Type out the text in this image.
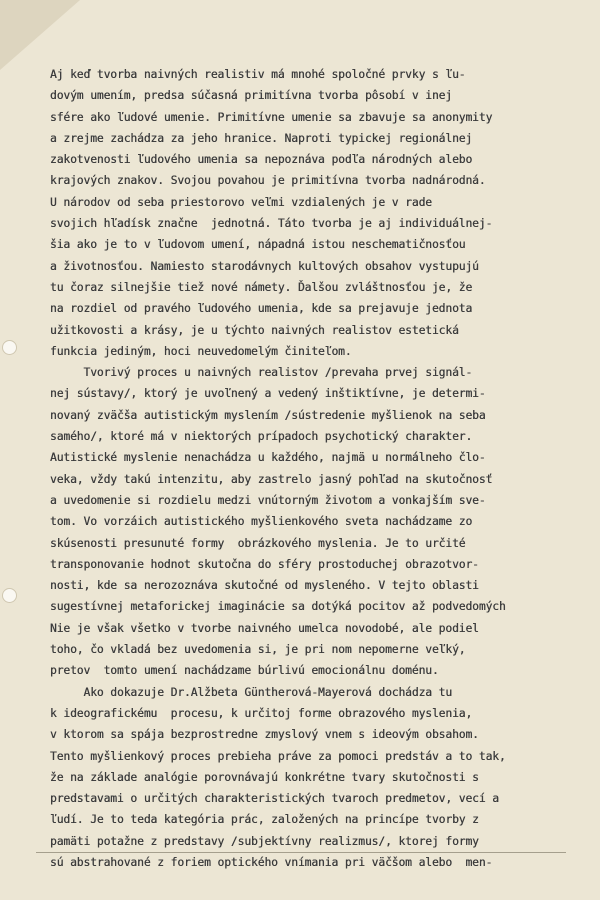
Aj keď tvorba naivných realistiv má mnohé spoločné prvky s ľu-
dovým umením, predsa súčasná primitívna tvorba pôsobí v inej
sfére ako ľudové umenie. Primitívne umenie sa zbavuje sa anonymity
a zrejme zachádza za jeho hranice. Naproti typickej regionálnej
zakotvenosti ľudového umenia sa nepoznáva podľa národných alebo
krajových znakov. Svojou povahou je primitívna tvorba nadnárodná.
U národov od seba priestorovo veľmi vzdialených je v rade
svojich hľadísk značne  jednotná. Táto tvorba je aj individuálnej-
šia ako je to v ľudovom umení, nápadná istou neschematičnosťou
a životnosťou. Namiesto starodávnych kultových obsahov vystupujú
tu čoraz silnejšie tiež nové námety. Ďalšou zvláštnosťou je, že
na rozdiel od pravého ľudového umenia, kde sa prejavuje jednota
užitkovosti a krásy, je u týchto naivných realistov estetická
funkcia jediným, hoci neuvedomelým činiteľom.
Tvorivý proces u naivných realistov /prevaha prvej signál-
nej sústavy/, ktorý je uvoľnený a vedený inštiktívne, je determi-
novaný zväčša autistickým myslením /sústredenie myšlienok na seba
samého/, ktoré má v niektorých prípadoch psychotický charakter.
Autistické myslenie nenachádza u každého, najmä u normálneho člo-
veka, vždy takú intenzitu, aby zastrelo jasný pohľad na skutočnosť
a uvedomenie si rozdielu medzi vnútorným životom a vonkajším sve-
tom. Vo vorzáich autistického myšlienkového sveta nachádzame zo
skúsenosti presunuté formy  obrázkového myslenia. Je to určité
transponovanie hodnot skutočna do sféry prostoduchej obrazotvor-
nosti, kde sa nerozoznáva skutočné od mysleného. V tejto oblasti
sugestívnej metaforickej imaginácie sa dotýká pocitov až podvedomých
Nie je však všetko v tvorbe naivného umelca novodobé, ale podiel
toho, čo vkladá bez uvedomenia si, je pri nom nepomerne veľký,
pretov  tomto umení nachádzame búrlivú emocionálnu doménu.
Ako dokazuje Dr.Alžbeta Güntherová-Mayerová dochádza tu
k ideografickému  procesu, k určitoj forme obrazového myslenia,
v ktorom sa spája bezprostredne zmyslový vnem s ideovým obsahom.
Tento myšlienkový proces prebieha práve za pomoci predstáv a to tak,
že na základe analógie porovnávajú konkrétne tvary skutočnosti s
predstavami o určitých charakteristických tvaroch predmetov, vecí a
ľudí. Je to teda kategória prác, založených na princípe tvorby z
pamäti potažne z predstavy /subjektívny realizmus/, ktorej formy
sú abstrahované z foriem optického vnímania pri väčšom alebo  men-
